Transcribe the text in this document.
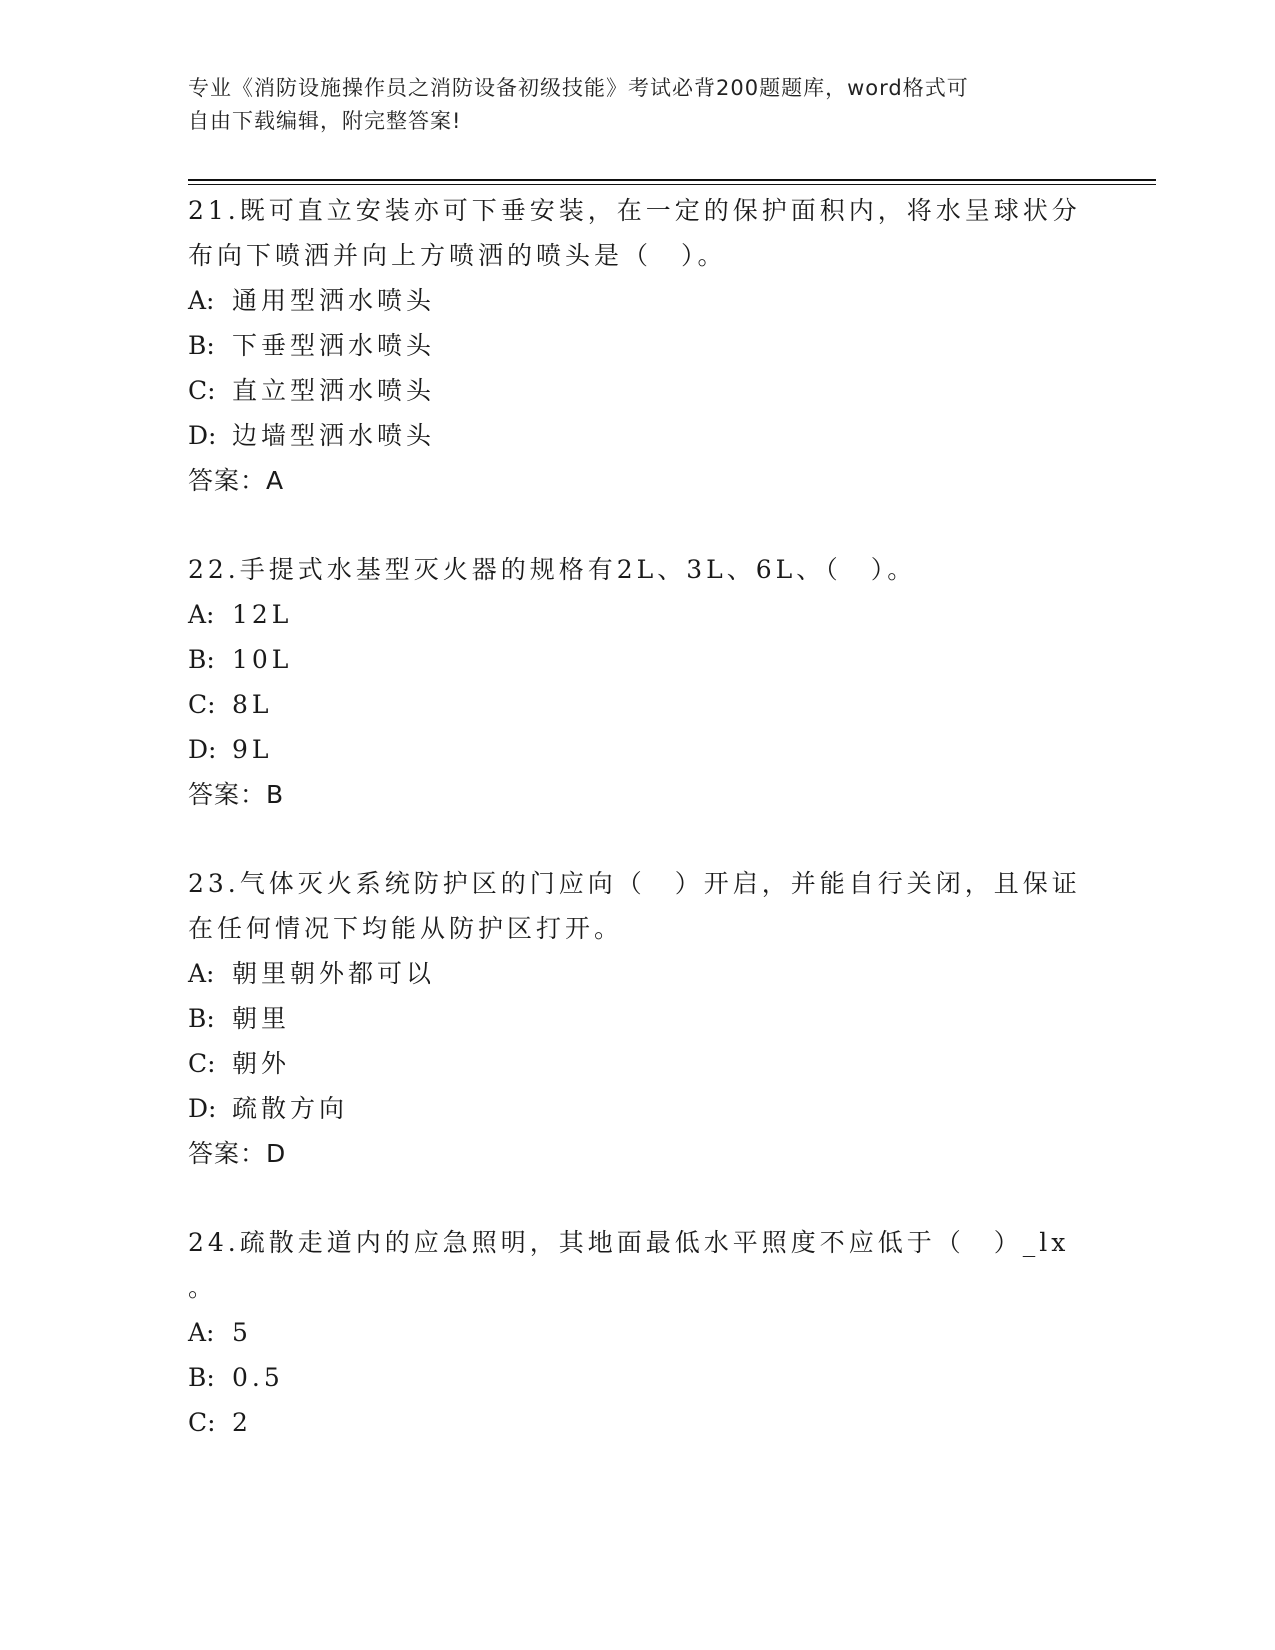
专业《消防设施操作员之消防设备初级技能》考试必背200题题库，word格式可
自由下载编辑，附完整答案!
21.既可直立安装亦可下垂安装，在一定的保护面积内，将水呈球状分
布向下喷洒并向上方喷洒的喷头是（　）。
A: 通用型洒水喷头
B: 下垂型洒水喷头
C: 直立型洒水喷头
D: 边墙型洒水喷头
答案：A
22.手提式水基型灭火器的规格有2L、3L、6L、（　）。
A: 12L
B: 10L
C: 8L
D: 9L
答案：B
23.气体灭火系统防护区的门应向（　）开启，并能自行关闭，且保证
在任何情况下均能从防护区打开。
A: 朝里朝外都可以
B: 朝里
C: 朝外
D: 疏散方向
答案：D
24.疏散走道内的应急照明，其地面最低水平照度不应低于（　）_lx
。
A: 5
B: 0.5
C: 2
